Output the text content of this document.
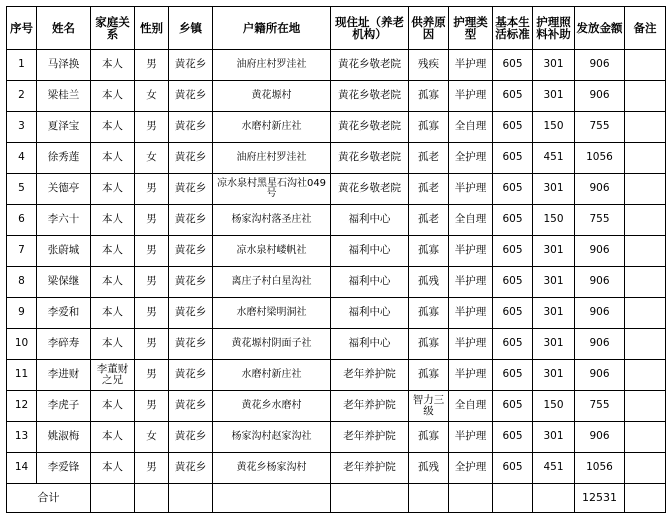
序号	姓名	家庭关系	性别	乡镇	户籍所在地	现住址（养老机构）	供养原因	护理类型	基本生活标准	护理照料补助	发放金额	备注
1	马泽换	本人	男	黄花乡	油府庄村罗洼社	黄花乡敬老院	残疾	半护理	605	301	906	
2	梁桂兰	本人	女	黄花乡	黄花塬村	黄花乡敬老院	孤寡	半护理	605	301	906	
3	夏泽宝	本人	男	黄花乡	水磨村新庄社	黄花乡敬老院	孤寡	全自理	605	150	755	
4	徐秀莲	本人	女	黄花乡	油府庄村罗洼社	黄花乡敬老院	孤老	全护理	605	451	1056	
5	关德亭	本人	男	黄花乡	凉水泉村黑星石沟社049 号	黄花乡敬老院	孤老	半护理	605	301	906	
6	李六十	本人	男	黄花乡	杨家沟村落圣庄社	福利中心	孤老	全自理	605	150	755	
7	张蔚城	本人	男	黄花乡	凉水泉村嵝帆社	福利中心	孤寡	半护理	605	301	906	
8	梁保继	本人	男	黄花乡	离庄子村白星沟社	福利中心	孤残	半护理	605	301	906	
9	李爱和	本人	男	黄花乡	水磨村梁明洞社	福利中心	孤寡	半护理	605	301	906	
10	李碎寿	本人	男	黄花乡	黄花塬村阴面子社	福利中心	孤寡	半护理	605	301	906	
11	李进财	李董财之兄	男	黄花乡	水磨村新庄社	老年养护院	孤寡	半护理	605	301	906	
12	李虎子	本人	男	黄花乡	黄花乡水磨村	老年养护院	智力三级	全自理	605	150	755	
13	姚淑梅	本人	女	黄花乡	杨家沟村赵家沟社	老年养护院	孤寡	半护理	605	301	906	
14	李爱锋	本人	男	黄花乡	黄花乡杨家沟村	老年养护院	孤残	全护理	605	451	1056	
合计											12531	
